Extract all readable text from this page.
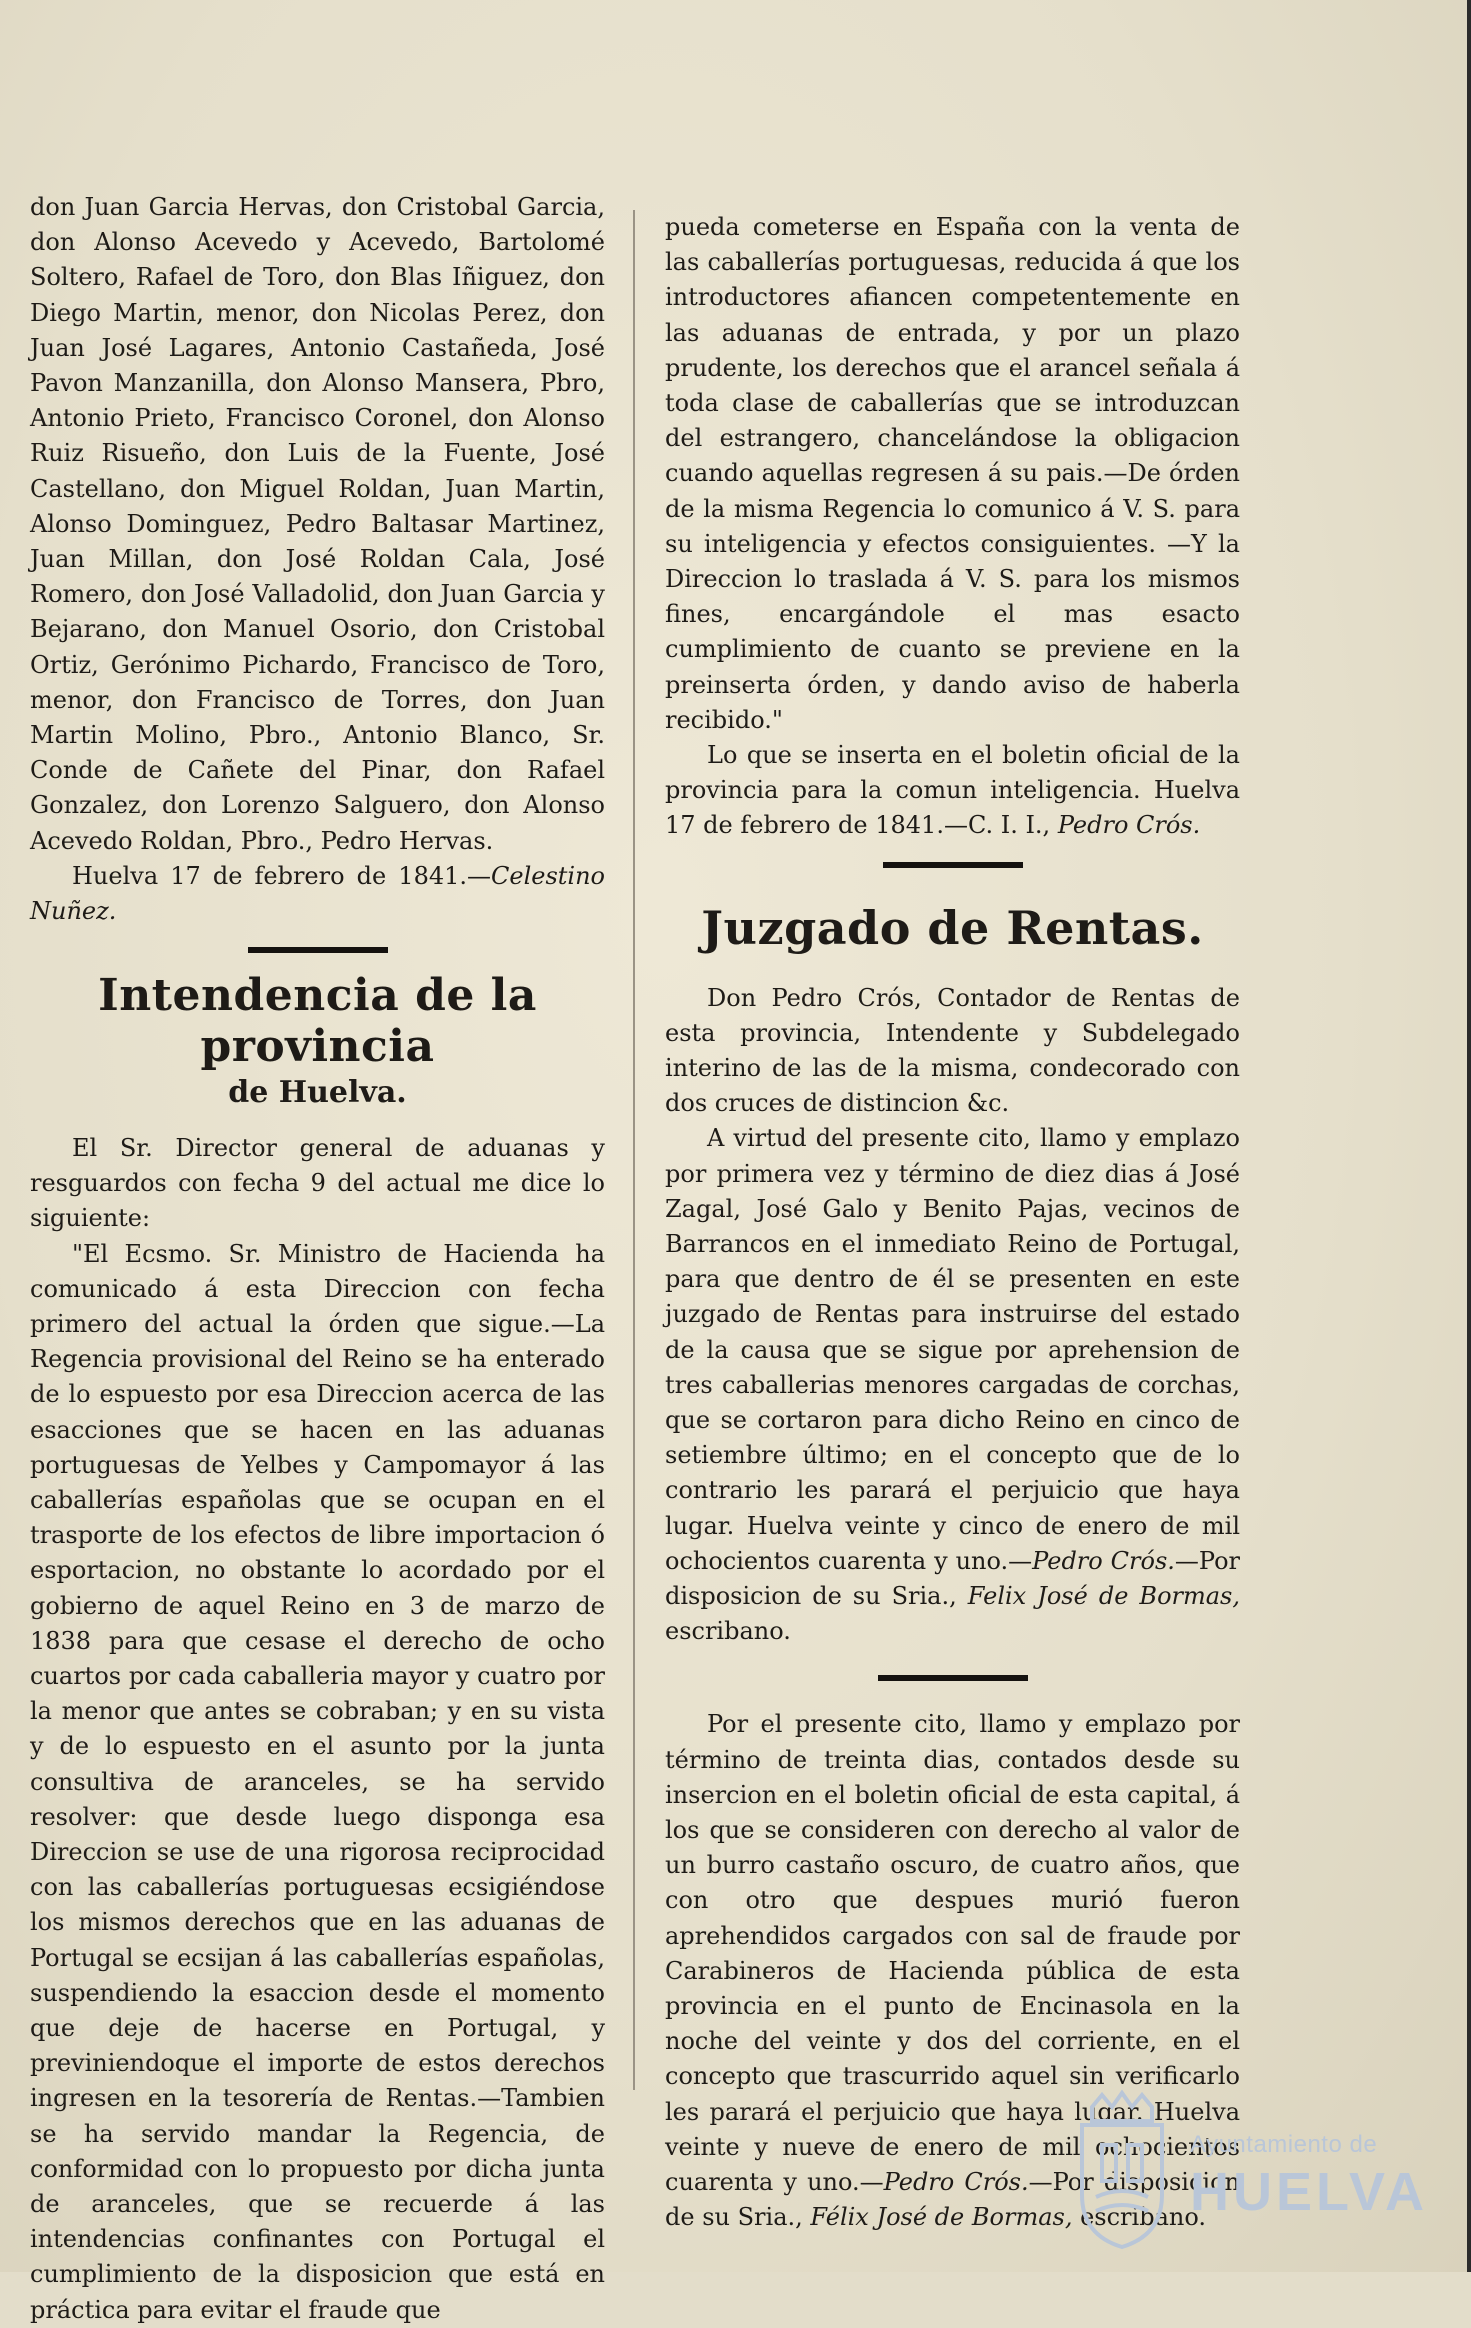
don Juan Garcia Hervas, don Cristobal Garcia, don Alonso Acevedo y Acevedo, Bartolomé Soltero, Rafael de Toro, don Blas Iñiguez, don Diego Martin, menor, don Nicolas Perez, don Juan José Lagares, Antonio Castañeda, José Pavon Manzanilla, don Alonso Mansera, Pbro, Antonio Prieto, Francisco Coronel, don Alonso Ruiz Risueño, don Luis de la Fuente, José Castellano, don Miguel Roldan, Juan Martin, Alonso Dominguez, Pedro Baltasar Martinez, Juan Millan, don José Roldan Cala, José Romero, don José Valladolid, don Juan Garcia y Bejarano, don Manuel Osorio, don Cristobal Ortiz, Gerónimo Pichardo, Francisco de Toro, menor, don Francisco de Torres, don Juan Martin Molino, Pbro., Antonio Blanco, Sr. Conde de Cañete del Pinar, don Rafael Gonzalez, don Lorenzo Salguero, don Alonso Acevedo Roldan, Pbro., Pedro Hervas.

Huelva 17 de febrero de 1841.—Celestino Nuñez.

Intendencia de la provincia
de Huelva.

El Sr. Director general de aduanas y resguardos con fecha 9 del actual me dice lo siguiente:

"El Ecsmo. Sr. Ministro de Hacienda ha comunicado á esta Direccion con fecha primero del actual la órden que sigue.—La Regencia provisional del Reino se ha enterado de lo espuesto por esa Direccion acerca de las esacciones que se hacen en las aduanas portuguesas de Yelbes y Campomayor á las caballerías españolas que se ocupan en el trasporte de los efectos de libre importacion ó esportacion, no obstante lo acordado por el gobierno de aquel Reino en 3 de marzo de 1838 para que cesase el derecho de ocho cuartos por cada caballeria mayor y cuatro por la menor que antes se cobraban; y en su vista y de lo espuesto en el asunto por la junta consultiva de aranceles, se ha servido resolver: que desde luego disponga esa Direccion se use de una rigorosa reciprocidad con las caballerías portuguesas ecsigiéndose los mismos derechos que en las aduanas de Portugal se ecsijan á las caballerías españolas, suspendiendo la esaccion desde el momento que deje de hacerse en Portugal, y previniendoque el importe de estos derechos ingresen en la tesorería de Rentas.—Tambien se ha servido mandar la Regencia, de conformidad con lo propuesto por dicha junta de aranceles, que se recuerde á las intendencias confinantes con Portugal el cumplimiento de la disposicion que está en práctica para evitar el fraude que

pueda cometerse en España con la venta de las caballerías portuguesas, reducida á que los introductores afiancen competentemente en las aduanas de entrada, y por un plazo prudente, los derechos que el arancel señala á toda clase de caballerías que se introduzcan del estrangero, chancelándose la obligacion cuando aquellas regresen á su pais.—De órden de la misma Regencia lo comunico á V. S. para su inteligencia y efectos consiguientes. —Y la Direccion lo traslada á V. S. para los mismos fines, encargándole el mas esacto cumplimiento de cuanto se previene en la preinserta órden, y dando aviso de haberla recibido."

Lo que se inserta en el boletin oficial de la provincia para la comun inteligencia. Huelva 17 de febrero de 1841.—C. I. I., Pedro Crós.

Juzgado de Rentas.

Don Pedro Crós, Contador de Rentas de esta provincia, Intendente y Subdelegado interino de las de la misma, condecorado con dos cruces de distincion &c.

A virtud del presente cito, llamo y emplazo por primera vez y término de diez dias á José Zagal, José Galo y Benito Pajas, vecinos de Barrancos en el inmediato Reino de Portugal, para que dentro de él se presenten en este juzgado de Rentas para instruirse del estado de la causa que se sigue por aprehension de tres caballerias menores cargadas de corchas, que se cortaron para dicho Reino en cinco de setiembre último; en el concepto que de lo contrario les parará el perjuicio que haya lugar. Huelva veinte y cinco de enero de mil ochocientos cuarenta y uno.—Pedro Crós.—Por disposicion de su Sria., Felix José de Bormas, escribano.

Por el presente cito, llamo y emplazo por término de treinta dias, contados desde su insercion en el boletin oficial de esta capital, á los que se consideren con derecho al valor de un burro castaño oscuro, de cuatro años, que con otro que despues murió fueron aprehendidos cargados con sal de fraude por Carabineros de Hacienda pública de esta provincia en el punto de Encinasola en la noche del veinte y dos del corriente, en el concepto que trascurrido aquel sin verificarlo les parará el perjuicio que haya lugar. Huelva veinte y nueve de enero de mil ochocientos cuarenta y uno.—Pedro Crós.—Por disposicion de su Sria., Félix José de Bormas, escribano.

Ayuntamiento de
HUELVA
